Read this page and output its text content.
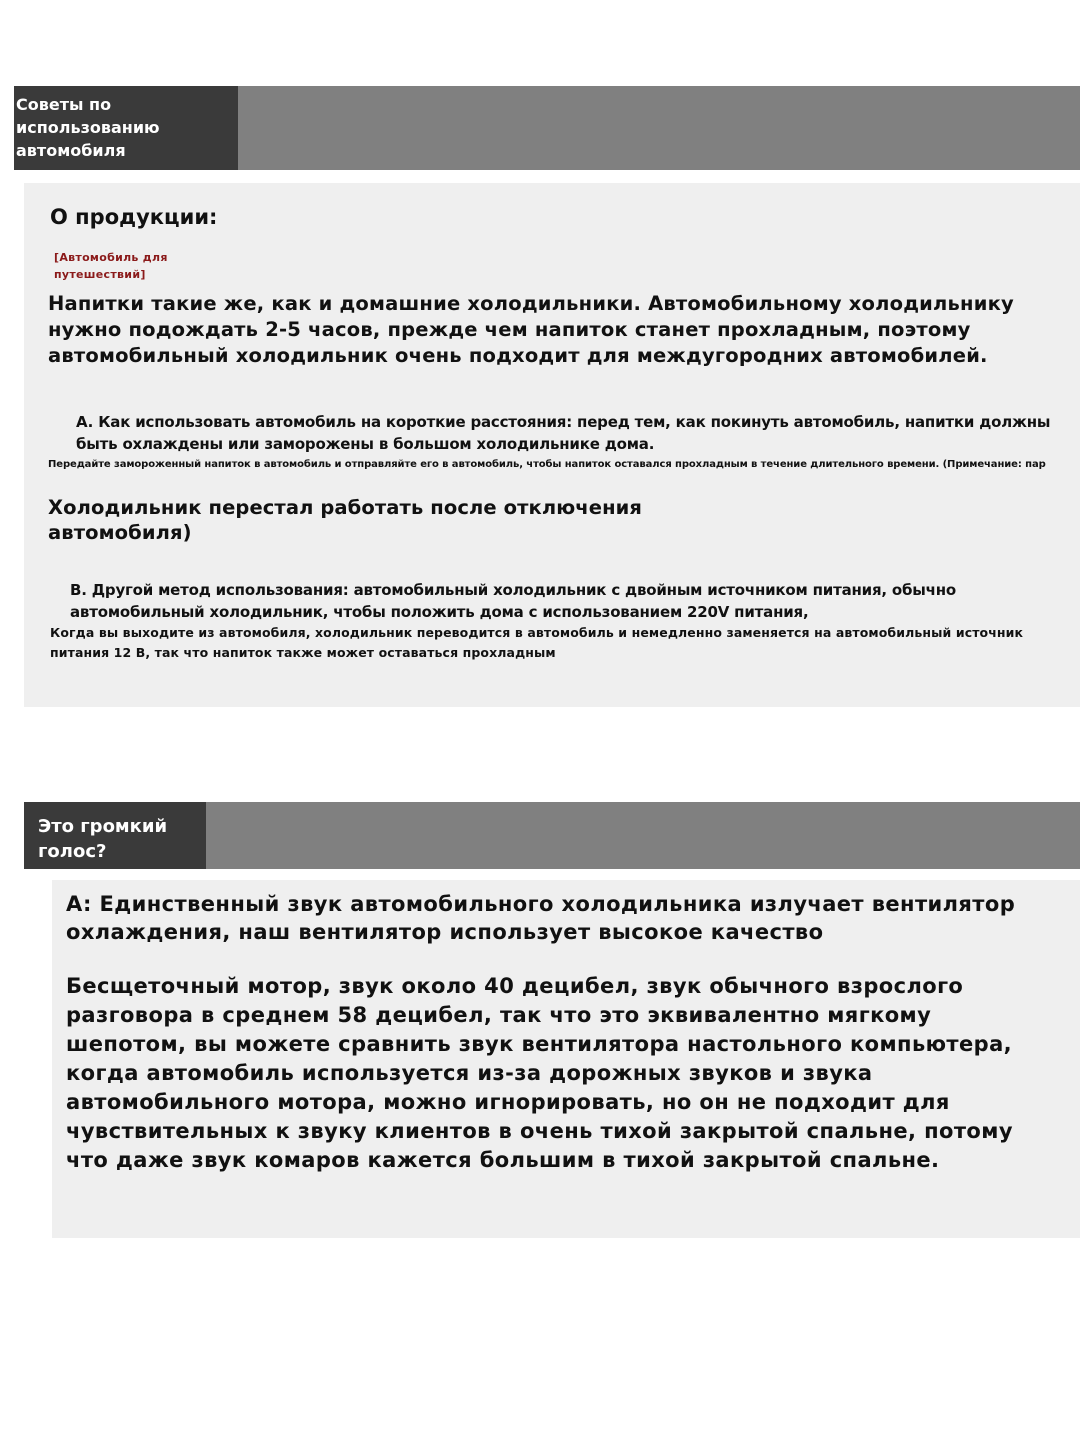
Советы по использованию автомобиля

О продукции:

[Автомобиль для
путешествий]

Напитки такие же, как и домашние холодильники. Автомобильному холодильнику нужно подождать 2-5 часов, прежде чем напиток станет прохладным, поэтому автомобильный холодильник очень подходит для междугородних автомобилей.

A. Как использовать автомобиль на короткие расстояния: перед тем, как покинуть автомобиль, напитки должны быть охлаждены или заморожены в большом холодильнике дома.

Передайте замороженный напиток в автомобиль и отправляйте его в автомобиль, чтобы напиток оставался прохладным в течение длительного времени. (Примечание: пар

Холодильник перестал работать после отключения автомобиля)

B. Другой метод использования: автомобильный холодильник с двойным источником питания, обычно автомобильный холодильник, чтобы положить дома с использованием 220V питания,

Когда вы выходите из автомобиля, холодильник переводится в автомобиль и немедленно заменяется на автомобильный источник питания 12 В, так что напиток также может оставаться прохладным

Это громкий голос?

A: Единственный звук автомобильного холодильника излучает вентилятор охлаждения, наш вентилятор использует высокое качество

Бесщеточный мотор, звук около 40 децибел, звук обычного взрослого разговора в среднем 58 децибел, так что это эквивалентно мягкому шепотом, вы можете сравнить звук вентилятора настольного компьютера, когда автомобиль используется из-за дорожных звуков и звука автомобильного мотора, можно игнорировать, но он не подходит для чувствительных к звуку клиентов в очень тихой закрытой спальне, потому что даже звук комаров кажется большим в тихой закрытой спальне.
